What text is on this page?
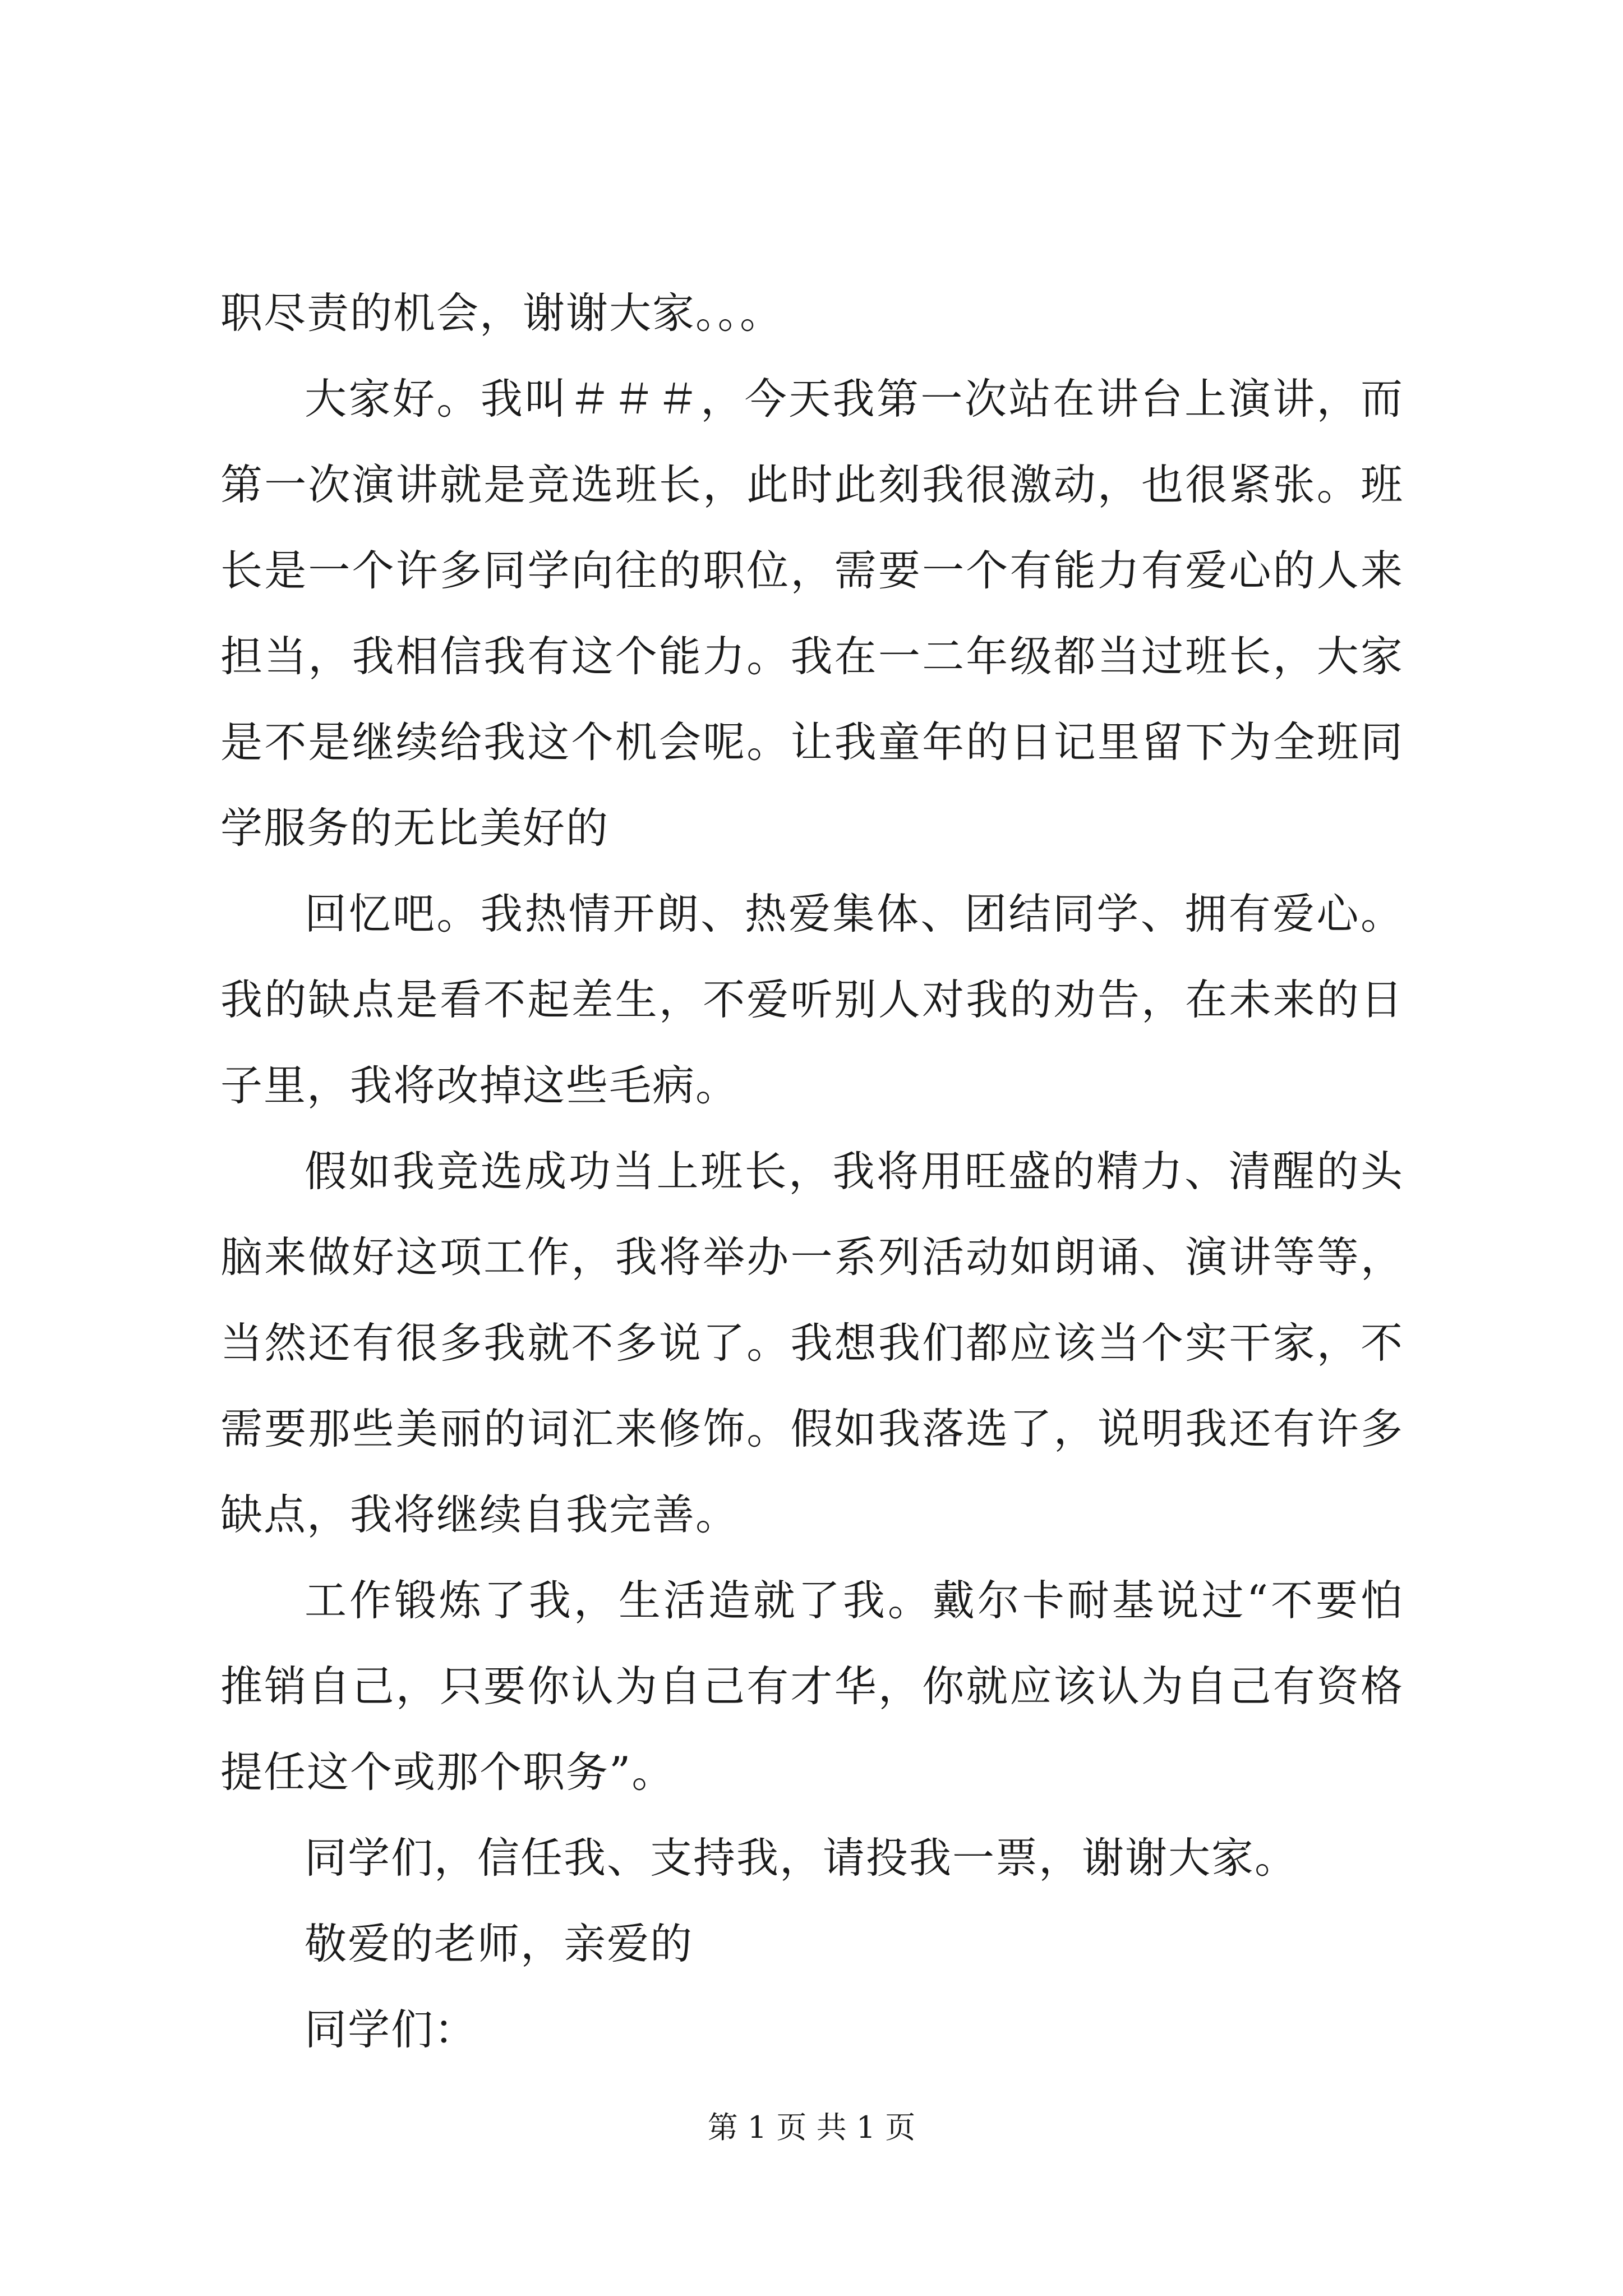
职尽责的机会，谢谢大家。。。

大家好。我叫＃＃＃，今天我第一次站在讲台上演讲，而第一次演讲就是竞选班长，此时此刻我很激动，也很紧张。班长是一个许多同学向往的职位，需要一个有能力有爱心的人来担当，我相信我有这个能力。我在一二年级都当过班长，大家是不是继续给我这个机会呢。让我童年的日记里留下为全班同学服务的无比美好的

回忆吧。我热情开朗、热爱集体、团结同学、拥有爱心。我的缺点是看不起差生，不爱听别人对我的劝告，在未来的日子里，我将改掉这些毛病。

假如我竞选成功当上班长，我将用旺盛的精力、清醒的头脑来做好这项工作，我将举办一系列活动如朗诵、演讲等等，当然还有很多我就不多说了。我想我们都应该当个实干家，不需要那些美丽的词汇来修饰。假如我落选了，说明我还有许多缺点，我将继续自我完善。

工作锻炼了我，生活造就了我。戴尔卡耐基说过“不要怕推销自己，只要你认为自己有才华，你就应该认为自己有资格提任这个或那个职务”。

同学们，信任我、支持我，请投我一票，谢谢大家。

敬爱的老师，亲爱的

同学们：

第 1 页 共 1 页
